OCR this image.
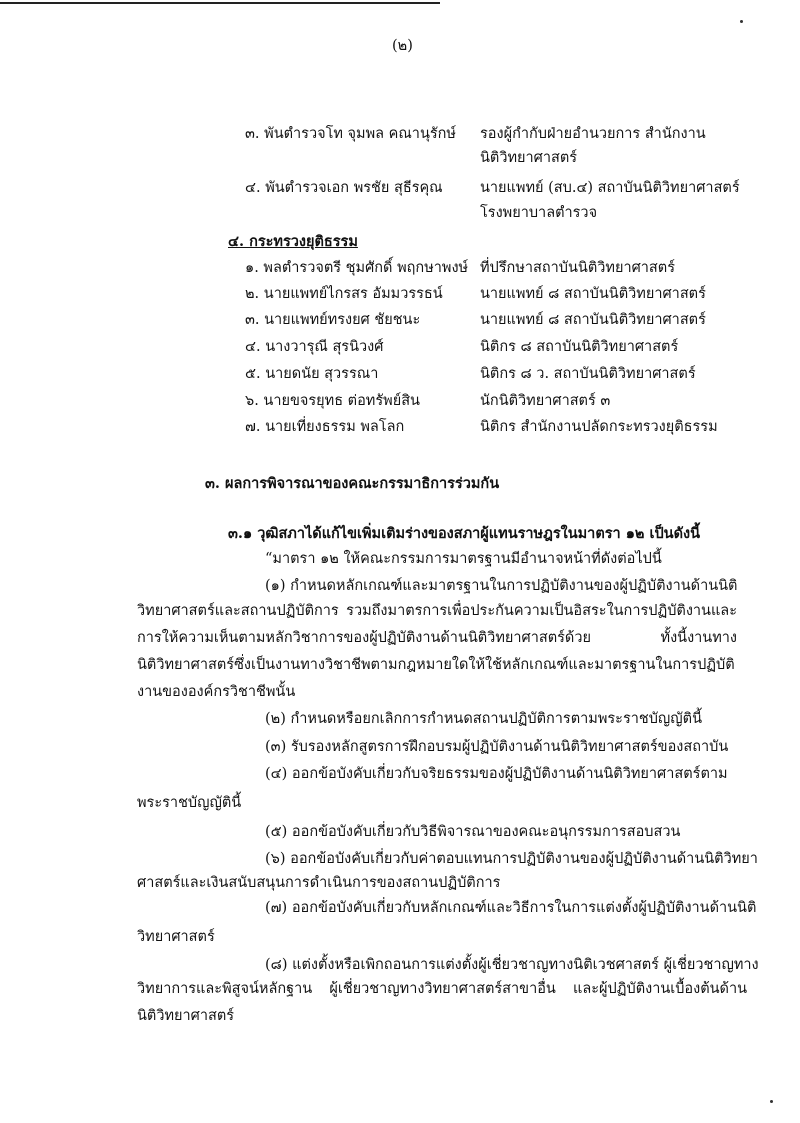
(๒)
๓. พันตำรวจโท จุมพล คณานุรักษ์ รองผู้กำกับฝ่ายอำนวยการ สำนักงาน
นิติวิทยาศาสตร์
๔. พันตำรวจเอก พรชัย สุธีรคุณ	นายแพทย์ (สบ.๔) สถาบันนิติวิทยาศาสตร์
โรงพยาบาลตำรวจ
๔. กระทรวงยุติธรรม
๑. พลตำรวจตรี ชุมศักดิ์ พฤกษาพงษ์ ที่ปรึกษาสถาบันนิติวิทยาศาสตร์
๒. นายแพทย์ไกรสร อัมมวรรธน์	นายแพทย์ ๘ สถาบันนิติวิทยาศาสตร์
๓. นายแพทย์ทรงยศ ชัยชนะ	นายแพทย์ ๘ สถาบันนิติวิทยาศาสตร์
๔. นางวารุณี สุรนิวงศ์	นิติกร ๘ สถาบันนิติวิทยาศาสตร์
๕. นายดนัย สุวรรณา	นิติกร ๘ ว. สถาบันนิติวิทยาศาสตร์
๖. นายขจรยุทธ ต่อทรัพย์สิน	นักนิติวิทยาศาสตร์ ๓
๗. นายเที่ยงธรรม พลโลก	นิติกร สำนักงานปลัดกระทรวงยุติธรรม
๓. ผลการพิจารณาของคณะกรรมาธิการร่วมกัน
๓.๑ วุฒิสภาได้แก้ไขเพิ่มเติมร่างของสภาผู้แทนราษฎรในมาตรา ๑๒ เป็นดังนี้
“มาตรา ๑๒ ให้คณะกรรมการมาตรฐานมีอำนาจหน้าที่ดังต่อไปนี้
(๑) กำหนดหลักเกณฑ์และมาตรฐานในการปฏิบัติงานของผู้ปฏิบัติงานด้านนิติ
วิทยาศาสตร์และสถานปฏิบัติการ รวมถึงมาตรการเพื่อประกันความเป็นอิสระในการปฏิบัติงานและการให้ความเห็นตามหลักวิชาการของผู้ปฏิบัติงานด้านนิติวิทยาศาสตร์ด้วย ทั้งนี้งานทางนิติวิทยาศาสตร์ซึ่งเป็นงานทางวิชาชีพตามกฎหมายใดให้ใช้หลักเกณฑ์และมาตรฐานในการปฏิบัติงานขององค์กรวิชาชีพนั้น
(๒) กำหนดหรือยกเลิกการกำหนดสถานปฏิบัติการตามพระราชบัญญัตินี้
(๓) รับรองหลักสูตรการฝึกอบรมผู้ปฏิบัติงานด้านนิติวิทยาศาสตร์ของสถาบัน
(๔) ออกข้อบังคับเกี่ยวกับจริยธรรมของผู้ปฏิบัติงานด้านนิติวิทยาศาสตร์ตาม
พระราชบัญญัตินี้
(๕) ออกข้อบังคับเกี่ยวกับวิธีพิจารณาของคณะอนุกรรมการสอบสวน
(๖) ออกข้อบังคับเกี่ยวกับค่าตอบแทนการปฏิบัติงานของผู้ปฏิบัติงานด้านนิติวิทยา
ศาสตร์และเงินสนับสนุนการดำเนินการของสถานปฏิบัติการ
(๗) ออกข้อบังคับเกี่ยวกับหลักเกณฑ์และวิธีการในการแต่งตั้งผู้ปฏิบัติงานด้านนิติ
วิทยาศาสตร์
(๘) แต่งตั้งหรือเพิกถอนการแต่งตั้งผู้เชี่ยวชาญทางนิติเวชศาสตร์ ผู้เชี่ยวชาญทาง
วิทยาการและพิสูจน์หลักฐาน ผู้เชี่ยวชาญทางวิทยาศาสตร์สาขาอื่น และผู้ปฏิบัติงานเบื้องต้นด้านนิติวิทยาศาสตร์
